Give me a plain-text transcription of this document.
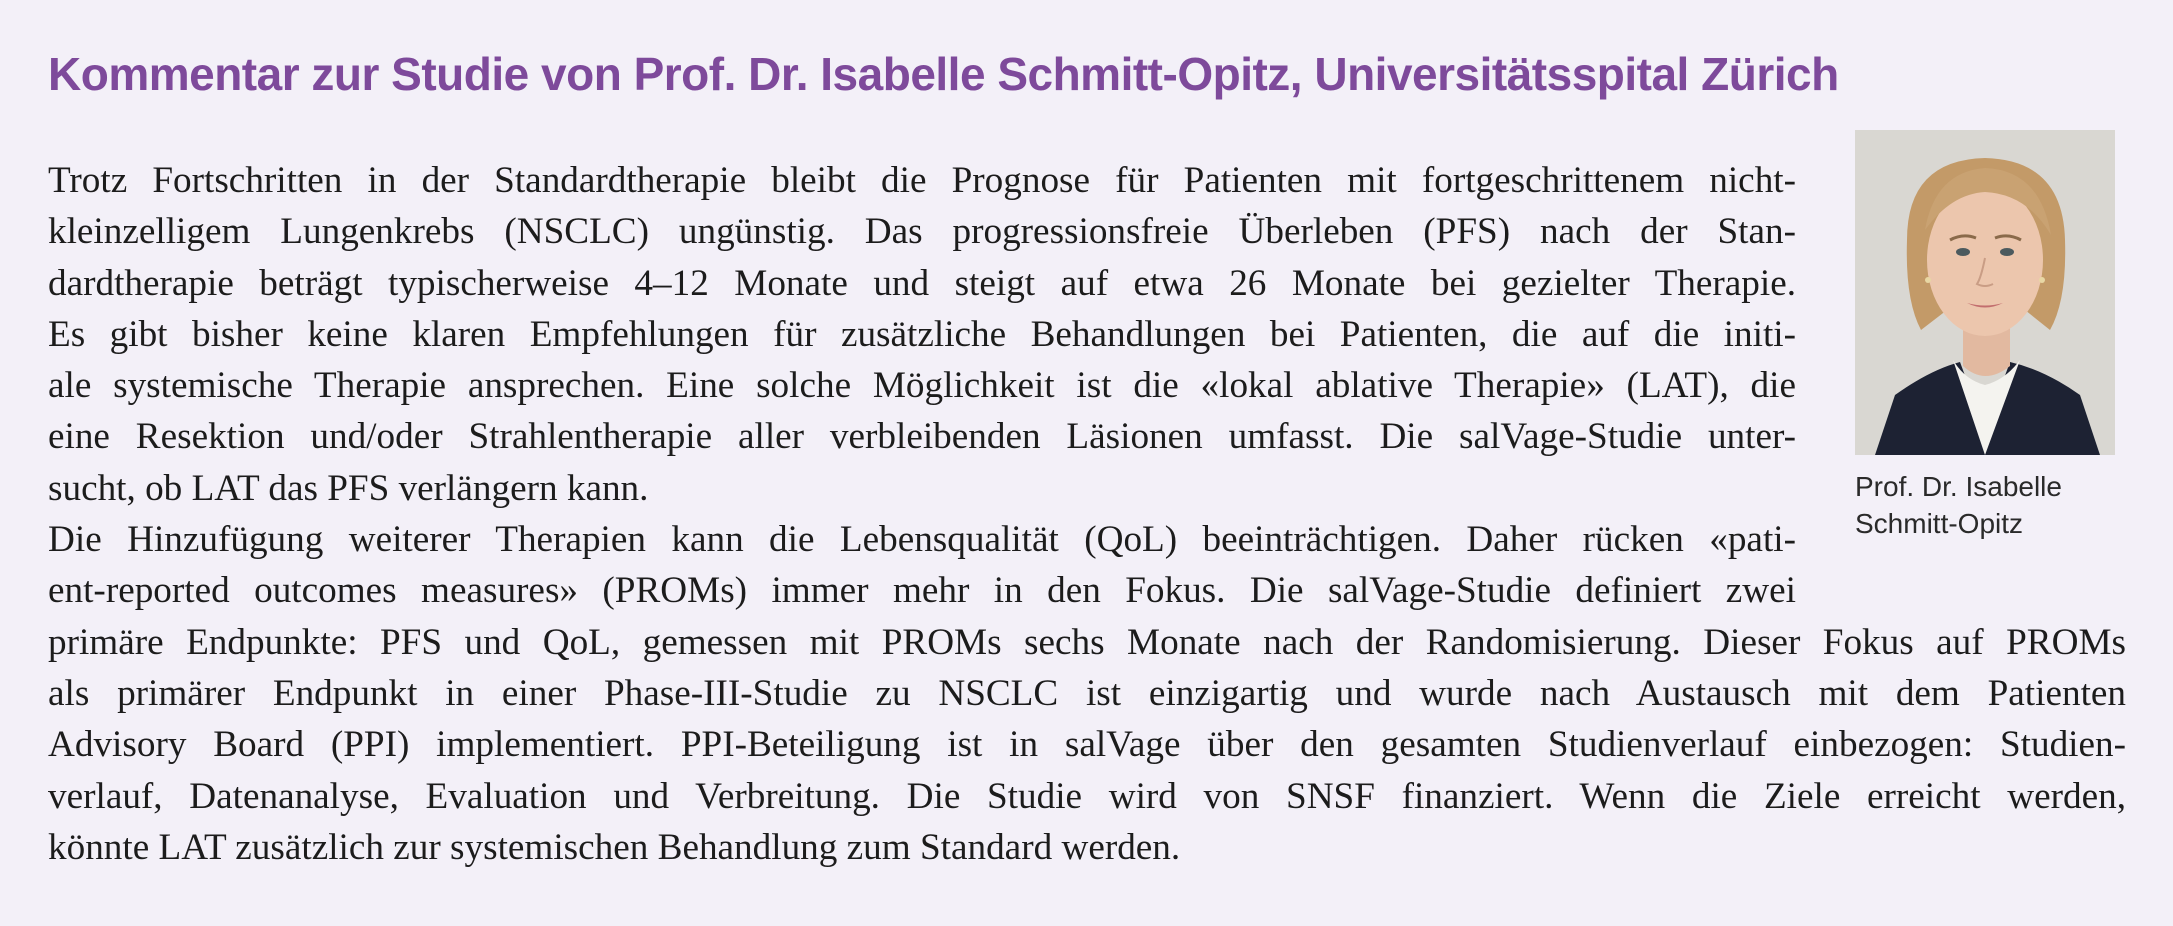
Kommentar zur Studie von Prof. Dr. Isabelle Schmitt-Opitz, Universitätsspital Zürich
Prof. Dr. Isabelle
Schmitt-Opitz
Trotz Fortschritten in der Standardtherapie bleibt die Prognose für Patienten mit fortgeschrittenem nicht-
kleinzelligem Lungenkrebs (NSCLC) ungünstig. Das progressionsfreie Überleben (PFS) nach der Stan-
dardtherapie beträgt typischerweise 4–12 Monate und steigt auf etwa 26 Monate bei gezielter Therapie.
Es gibt bisher keine klaren Empfehlungen für zusätzliche Behandlungen bei Patienten, die auf die initi-
ale systemische Therapie ansprechen. Eine solche Möglichkeit ist die «lokal ablative Therapie» (LAT), die
eine Resektion und/oder Strahlentherapie aller verbleibenden Läsionen umfasst. Die salVage-Studie unter-
sucht, ob LAT das PFS verlängern kann.
Die Hinzufügung weiterer Therapien kann die Lebensqualität (QoL) beeinträchtigen. Daher rücken «pati-
ent-reported outcomes measures» (PROMs) immer mehr in den Fokus. Die salVage-Studie definiert zwei
primäre Endpunkte: PFS und QoL, gemessen mit PROMs sechs Monate nach der Randomisierung. Dieser Fokus auf PROMs
als primärer Endpunkt in einer Phase-III-Studie zu NSCLC ist einzigartig und wurde nach Austausch mit dem Patienten
Advisory Board (PPI) implementiert. PPI-Beteiligung ist in salVage über den gesamten Studienverlauf einbezogen: Studien-
verlauf, Datenanalyse, Evaluation und Verbreitung. Die Studie wird von SNSF finanziert. Wenn die Ziele erreicht werden,
könnte LAT zusätzlich zur systemischen Behandlung zum Standard werden.
